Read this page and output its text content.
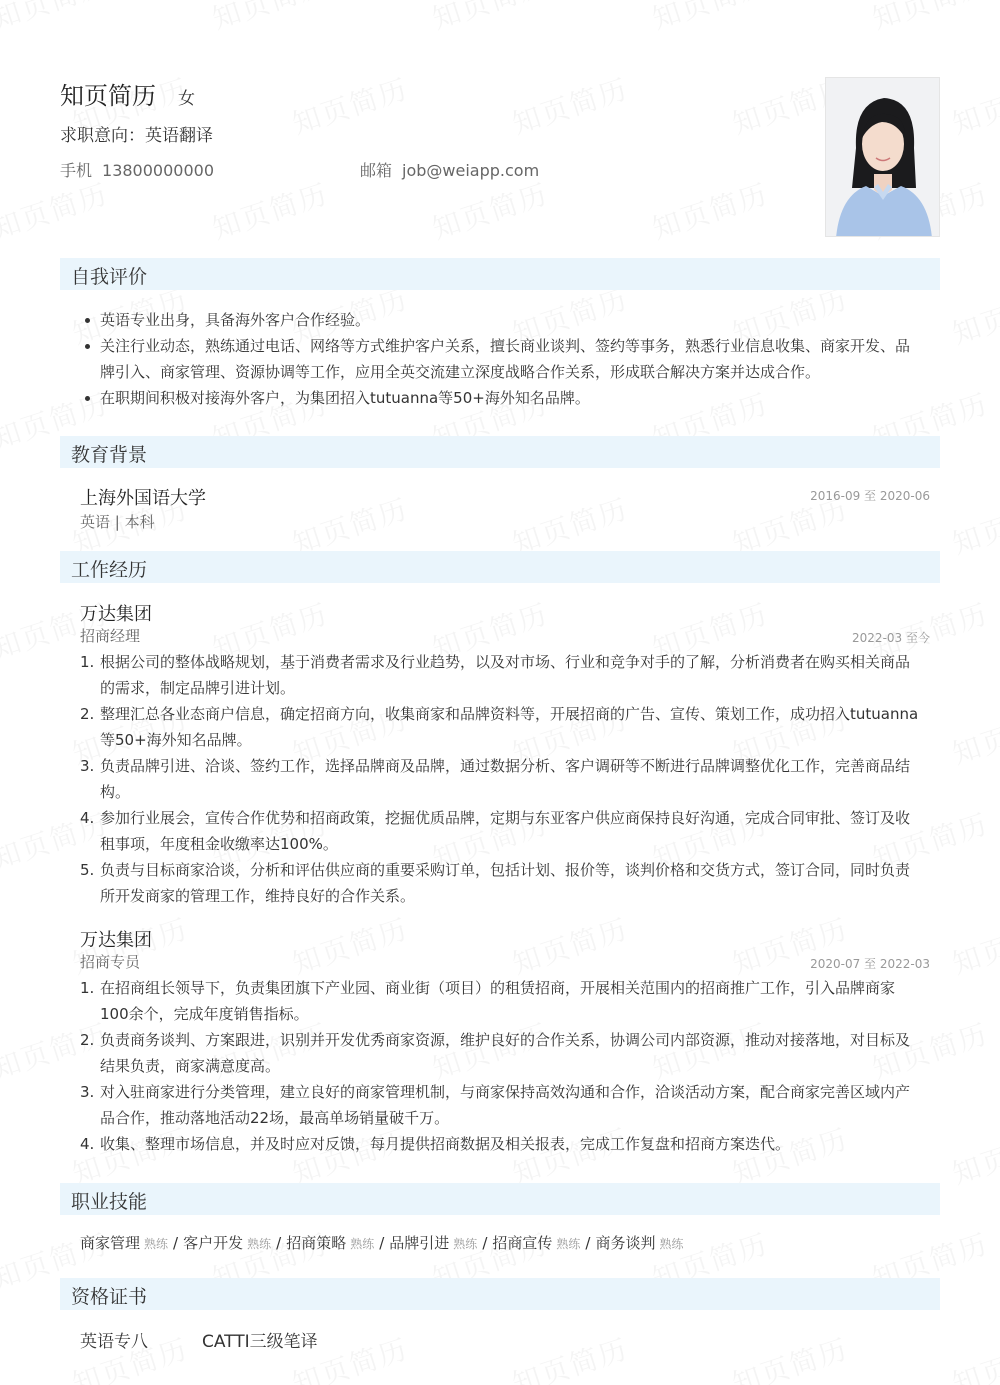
知页简历 女
求职意向：英语翻译
手机 13800000000	邮箱 job@weiapp.com
自我评价
英语专业出身，具备海外客户合作经验。
关注行业动态，熟练通过电话、网络等方式维护客户关系，擅长商业谈判、签约等事务，熟悉行业信息收集、商家开发、品牌引入、商家管理、资源协调等工作，应用全英交流建立深度战略合作关系，形成联合解决方案并达成合作。
在职期间积极对接海外客户，为集团招入tutuanna等50+海外知名品牌。
教育背景
上海外国语大学	2016-09 至 2020-06
英语 | 本科
工作经历
万达集团
招商经理	2022-03 至今
1. 根据公司的整体战略规划，基于消费者需求及行业趋势，以及对市场、行业和竞争对手的了解，分析消费者在购买相关商品的需求，制定品牌引进计划。
2. 整理汇总各业态商户信息，确定招商方向，收集商家和品牌资料等，开展招商的广告、宣传、策划工作，成功招入tutuanna等50+海外知名品牌。
3. 负责品牌引进、洽谈、签约工作，选择品牌商及品牌，通过数据分析、客户调研等不断进行品牌调整优化工作，完善商品结构。
4. 参加行业展会，宣传合作优势和招商政策，挖掘优质品牌，定期与东亚客户供应商保持良好沟通，完成合同审批、签订及收租事项，年度租金收缴率达100%。
5. 负责与目标商家洽谈，分析和评估供应商的重要采购订单，包括计划、报价等，谈判价格和交货方式，签订合同，同时负责所开发商家的管理工作，维持良好的合作关系。
万达集团
招商专员	2020-07 至 2022-03
1. 在招商组长领导下，负责集团旗下产业园、商业街（项目）的租赁招商，开展相关范围内的招商推广工作，引入品牌商家100余个，完成年度销售指标。
2. 负责商务谈判、方案跟进，识别并开发优秀商家资源，维护良好的合作关系，协调公司内部资源，推动对接落地，对目标及结果负责，商家满意度高。
3. 对入驻商家进行分类管理，建立良好的商家管理机制，与商家保持高效沟通和合作，洽谈活动方案，配合商家完善区域内产品合作，推动落地活动22场，最高单场销量破千万。
4. 收集、整理市场信息，并及时应对反馈，每月提供招商数据及相关报表，完成工作复盘和招商方案迭代。
职业技能
商家管理 熟练 / 客户开发 熟练 / 招商策略 熟练 / 品牌引进 熟练 / 招商宣传 熟练 / 商务谈判 熟练
资格证书
英语专八	CATTI三级笔译
